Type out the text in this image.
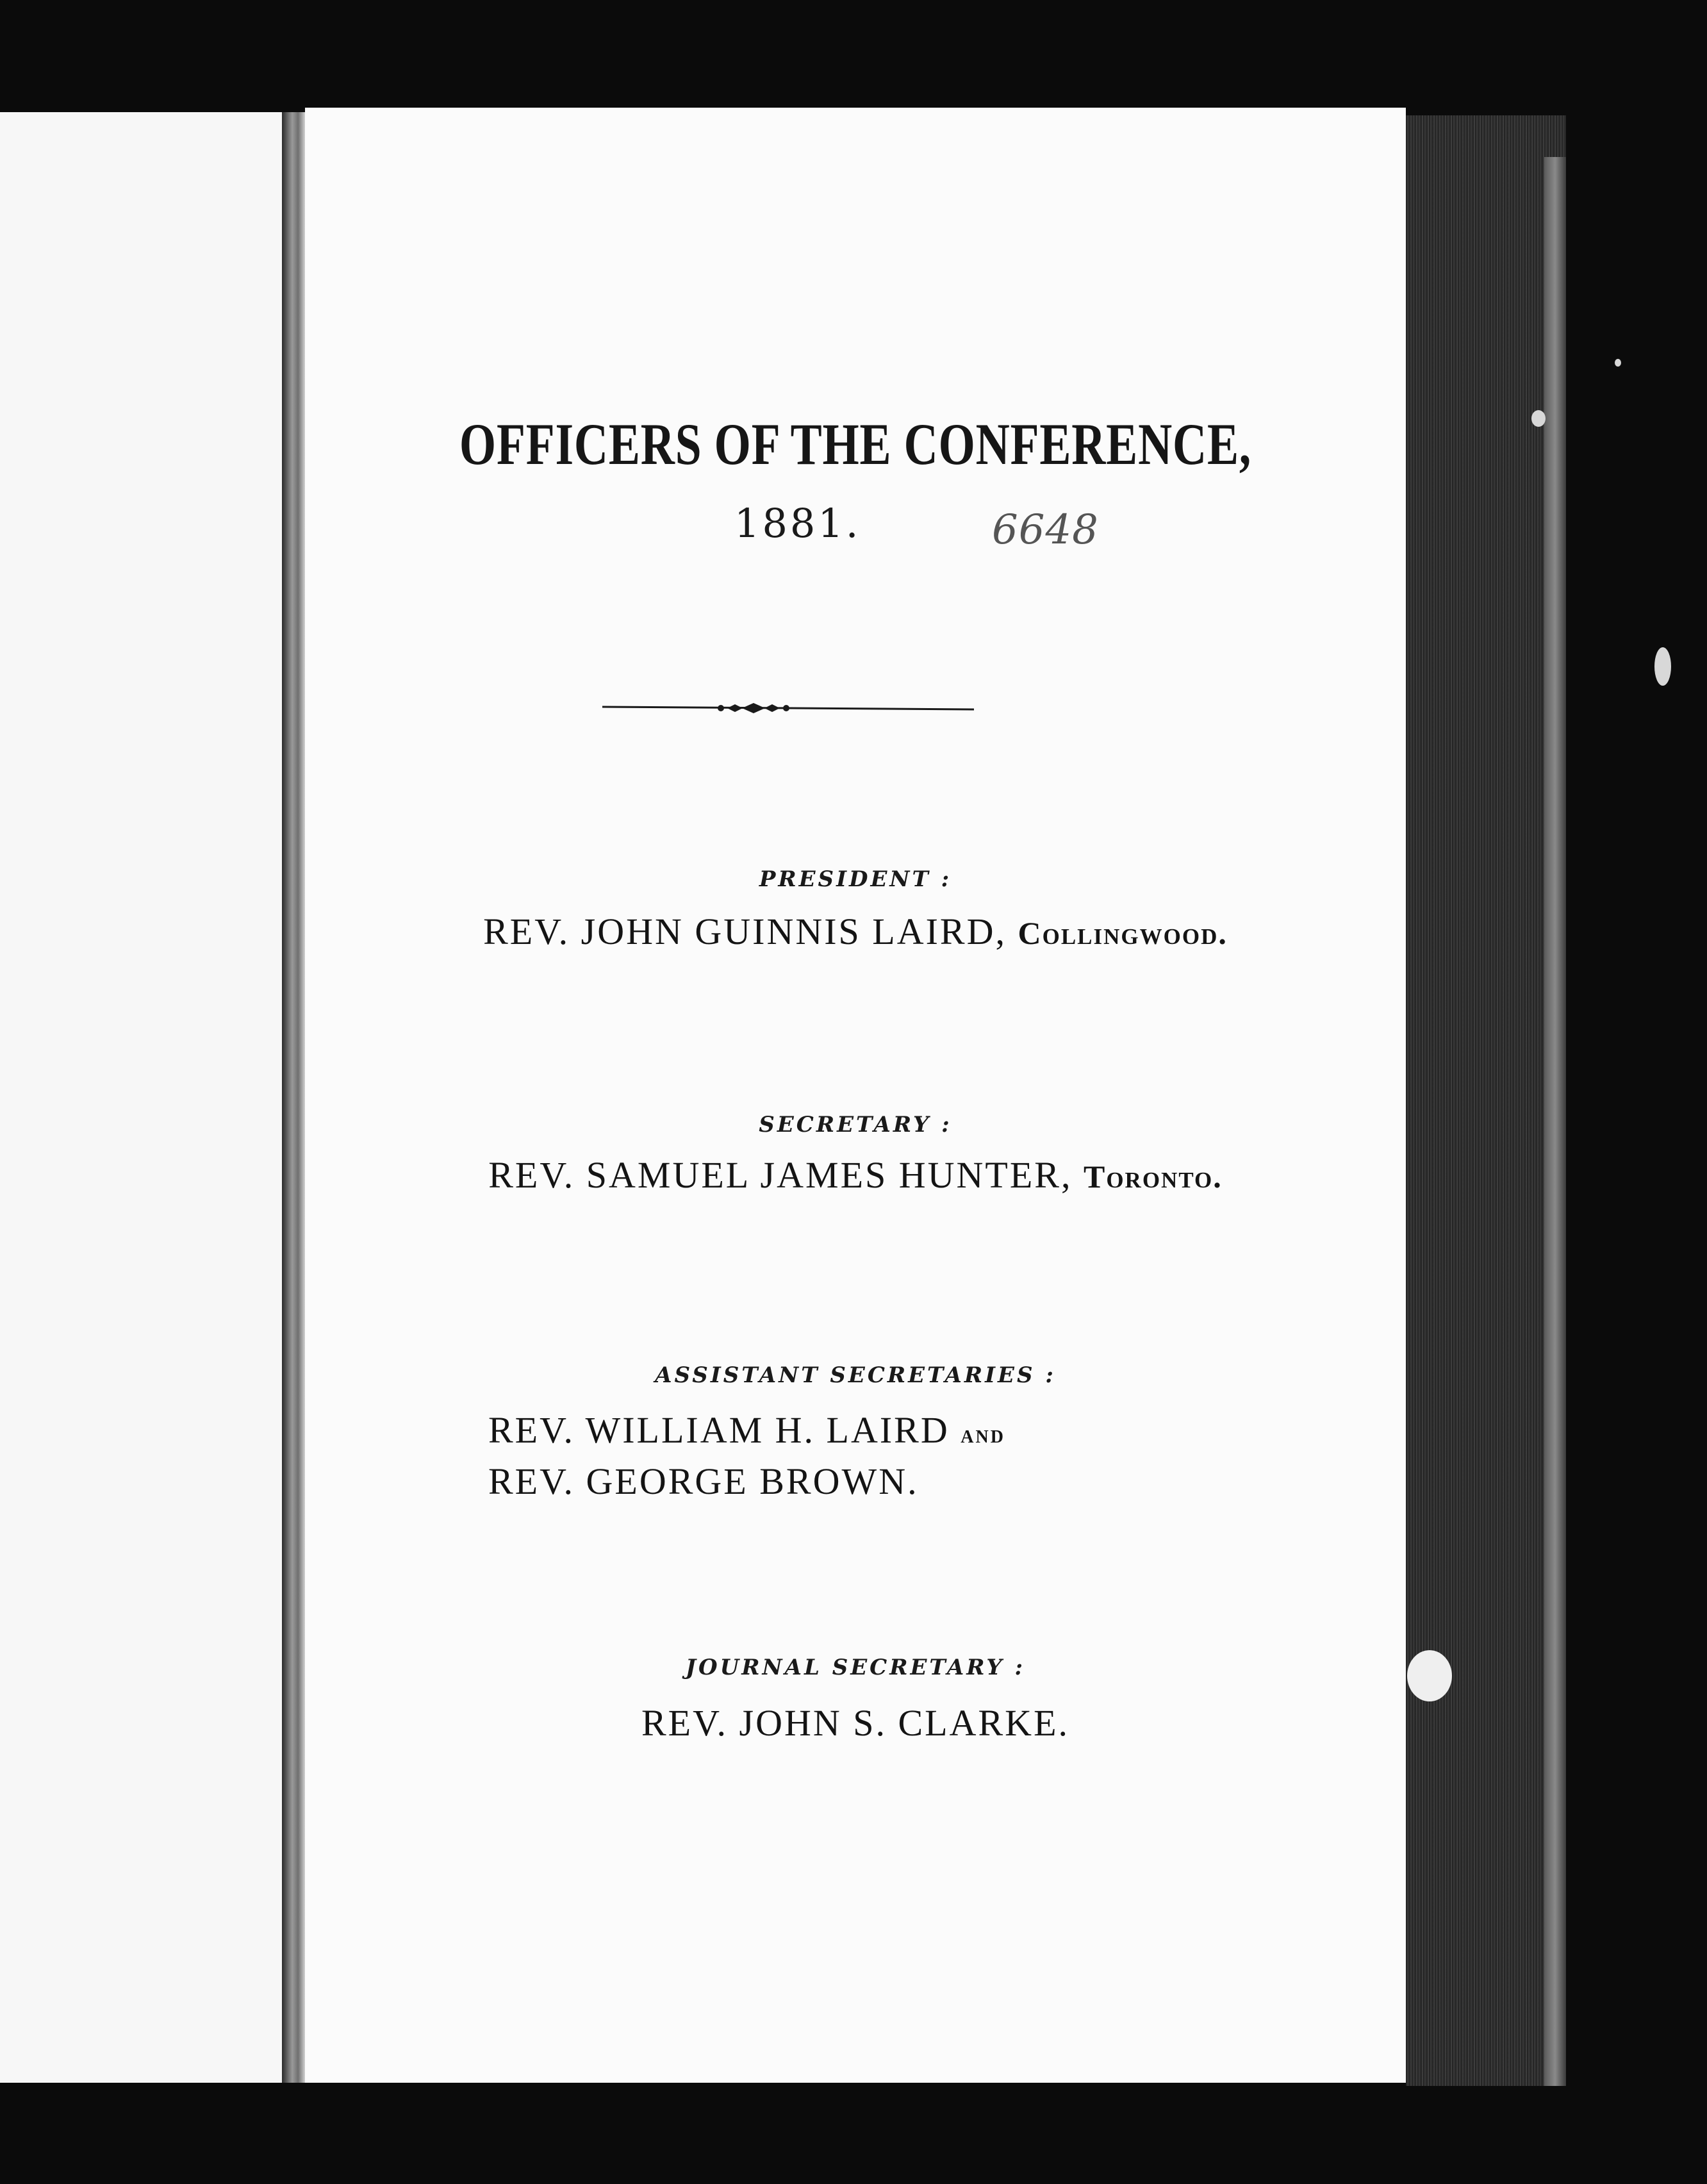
OFFICERS OF THE CONFERENCE,
1881.	6648
PRESIDENT :
REV. JOHN GUINNIS LAIRD, Collingwood.
SECRETARY :
REV. SAMUEL JAMES HUNTER, Toronto.
ASSISTANT SECRETARIES :
REV. WILLIAM H. LAIRD and
REV. GEORGE BROWN.
JOURNAL SECRETARY :
REV. JOHN S. CLARKE.
